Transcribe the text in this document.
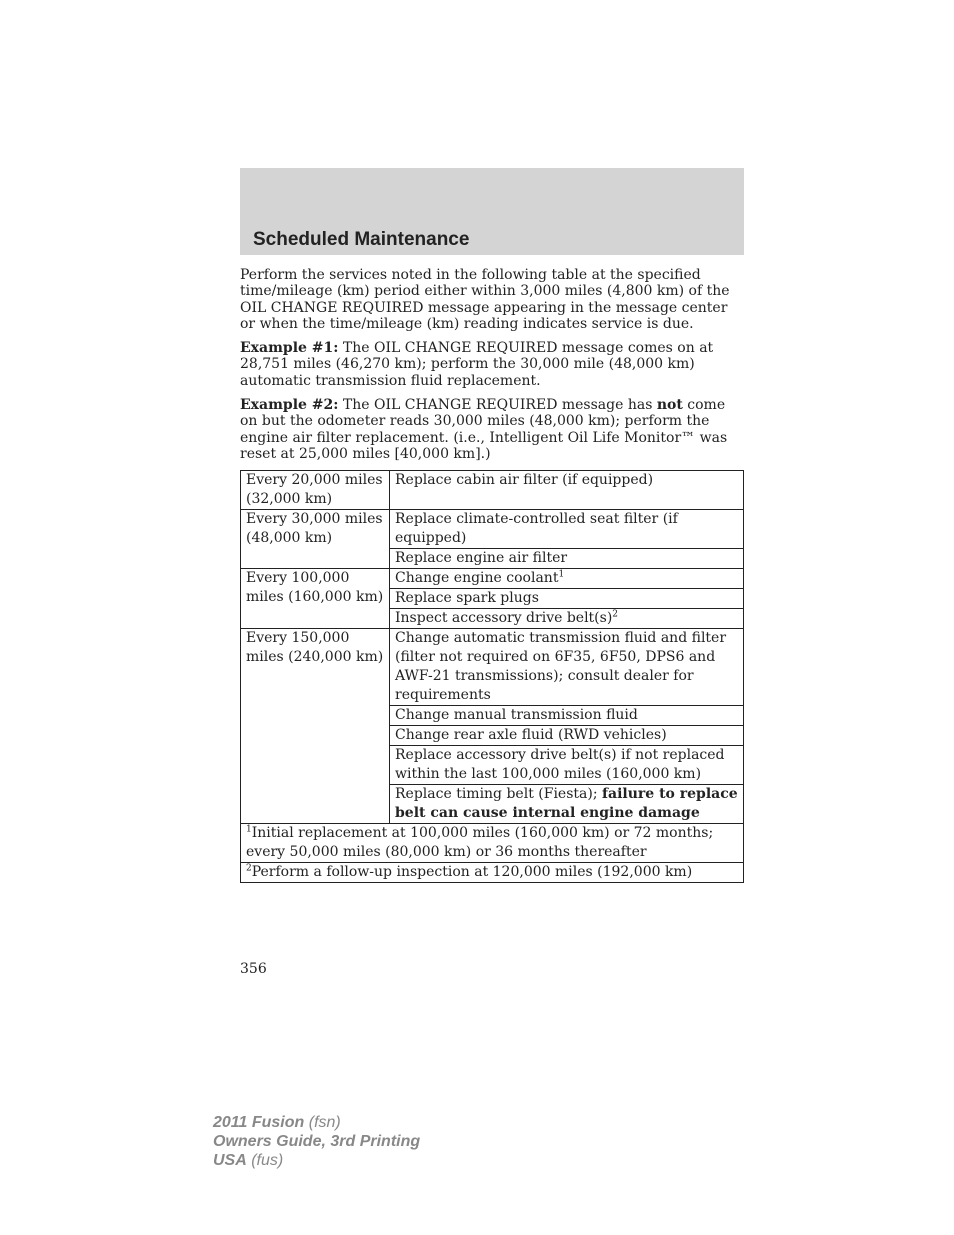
Scheduled Maintenance

Perform the services noted in the following table at the specified time/mileage (km) period either within 3,000 miles (4,800 km) of the OIL CHANGE REQUIRED message appearing in the message center or when the time/mileage (km) reading indicates service is due.

Example #1: The OIL CHANGE REQUIRED message comes on at 28,751 miles (46,270 km); perform the 30,000 mile (48,000 km) automatic transmission fluid replacement.

Example #2: The OIL CHANGE REQUIRED message has not come on but the odometer reads 30,000 miles (48,000 km); perform the engine air filter replacement. (i.e., Intelligent Oil Life Monitor™ was reset at 25,000 miles [40,000 km].)

Every 20,000 miles (32,000 km)	Replace cabin air filter (if equipped)
Every 30,000 miles (48,000 km)	Replace climate-controlled seat filter (if equipped)
	Replace engine air filter
Every 100,000 miles (160,000 km)	Change engine coolant$^1$
	Replace spark plugs
	Inspect accessory drive $belt(s)^2$
Every 150,000 miles (240,000 km)	Change automatic transmission fluid and filter (filter not required on 6F35, 6F50, DPS6 and AWF-21 transmissions); consult dealer for requirements
	Change manual transmission fluid
	Change rear axle fluid (RWD vehicles)
	Replace accessory drive belt(s) if not replaced within the last 100,000 miles (160,000 km)
	Replace timing belt (Fiesta); failure to replace belt can cause internal engine damage
$^1$Initial replacement at 100,000 miles (160,000 km) or 72 months; every 50,000 miles (80,000 km) or 36 months thereafter	
$^2$Perform a follow-up inspection at 120,000 miles (192,000 km)	
356
2011 Fusion (fsn)
Owners Guide, 3rd Printing
USA (fus)
